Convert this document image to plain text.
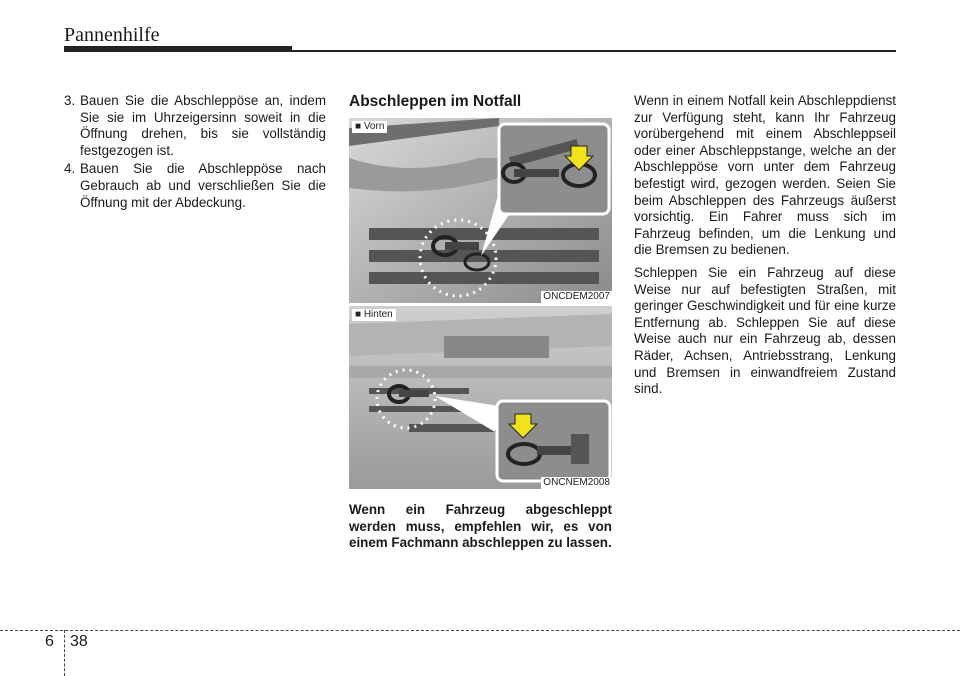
Pannenhilfe
3. Bauen Sie die Abschleppöse an, indem Sie sie im Uhrzeigersinn soweit in die Öffnung drehen, bis sie vollständig festgezogen ist.
4. Bauen Sie die Abschleppöse nach Gebrauch ab und verschließen Sie die Öffnung mit der Abdeckung.
Abschleppen im Notfall
■ Vorn
ONCDEM2007
■ Hinten
ONCNEM2008
Wenn ein Fahrzeug abgeschleppt werden muss, empfehlen wir, es von einem Fachmann abschleppen zu lassen.

Wenn in einem Notfall kein Abschleppdienst zur Verfügung steht, kann Ihr Fahrzeug vorübergehend mit einem Abschleppseil oder einer Abschleppstange, welche an der Abschleppöse vorn unter dem Fahrzeug befestigt wird, gezogen werden. Seien Sie beim Abschleppen des Fahrzeugs äußerst vorsichtig. Ein Fahrer muss sich im Fahrzeug befinden, um die Lenkung und die Bremsen zu bedienen.

Schleppen Sie ein Fahrzeug auf diese Weise nur auf befestigten Straßen, mit geringer Geschwindigkeit und für eine kurze Entfernung ab. Schleppen Sie auf diese Weise auch nur ein Fahrzeug ab, dessen Räder, Achsen, Antriebsstrang, Lenkung und Bremsen in einwandfreiem Zustand sind.

6 38
